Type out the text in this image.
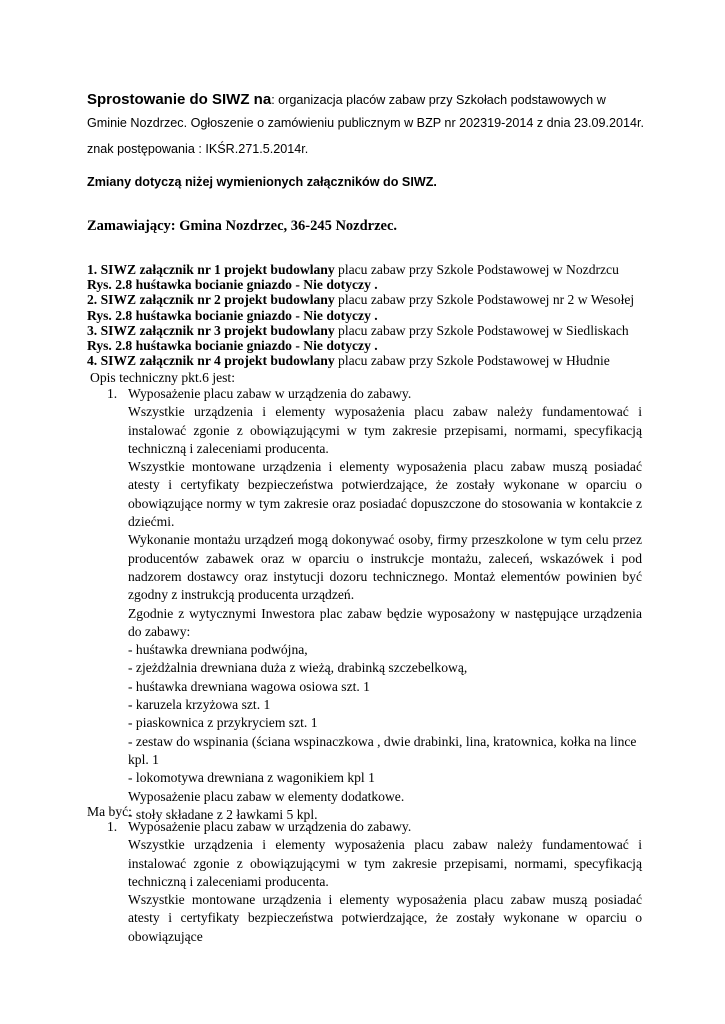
Sprostowanie do SIWZ na: organizacja placów zabaw przy Szkołach podstawowych w Gminie Nozdrzec. Ogłoszenie o zamówieniu publicznym w BZP nr 202319-2014 z dnia 23.09.2014r.
znak postępowania : IKŚR.271.5.2014r.
Zmiany dotyczą niżej wymienionych załączników do SIWZ.
Zamawiający: Gmina Nozdrzec, 36-245 Nozdrzec.
1. SIWZ załącznik nr 1 projekt budowlany placu zabaw przy Szkole Podstawowej w Nozdrzcu
Rys. 2.8 huśtawka bocianie gniazdo - Nie dotyczy .
2. SIWZ załącznik nr 2 projekt budowlany placu zabaw przy Szkole Podstawowej nr 2 w Wesołej
Rys. 2.8 huśtawka bocianie gniazdo - Nie dotyczy .
3. SIWZ załącznik nr 3 projekt budowlany placu zabaw przy Szkole Podstawowej w Siedliskach
Rys. 2.8 huśtawka bocianie gniazdo - Nie dotyczy .
4. SIWZ załącznik nr 4 projekt budowlany placu zabaw przy Szkole Podstawowej w Hłudnie
Opis techniczny pkt.6 jest:
1. Wyposażenie placu zabaw w urządzenia do zabawy.
Wszystkie urządzenia i elementy wyposażenia placu zabaw należy fundamentować i instalować zgonie z obowiązującymi w tym zakresie przepisami, normami, specyfikacją techniczną i zaleceniami producenta.
Wszystkie montowane urządzenia i elementy wyposażenia placu zabaw muszą posiadać atesty i certyfikaty bezpieczeństwa potwierdzające, że zostały wykonane w oparciu o obowiązujące normy w tym zakresie oraz posiadać dopuszczone do stosowania w kontakcie z dziećmi.
Wykonanie montażu urządzeń mogą dokonywać osoby, firmy przeszkolone w tym celu przez producentów zabawek oraz w oparciu o instrukcje montażu, zaleceń, wskazówek i pod nadzorem dostawcy oraz instytucji dozoru technicznego. Montaż elementów powinien być zgodny z instrukcją producenta urządzeń.
Zgodnie z wytycznymi Inwestora plac zabaw będzie wyposażony w następujące urządzenia do zabawy:
- huśtawka drewniana podwójna,
- zjeżdżalnia drewniana duża z wieżą, drabinką szczebelkową,
- huśtawka drewniana wagowa osiowa szt. 1
- karuzela krzyżowa szt. 1
- piaskownica z przykryciem szt. 1
- zestaw do wspinania (ściana wspinaczkowa , dwie drabinki, lina, kratownica, kołka na lince kpl. 1
- lokomotywa drewniana z wagonikiem kpl 1
Wyposażenie placu zabaw w elementy dodatkowe.
- stoły składane z 2 ławkami 5 kpl.
Ma być:
1. Wyposażenie placu zabaw w urządzenia do zabawy.
Wszystkie urządzenia i elementy wyposażenia placu zabaw należy fundamentować i instalować zgonie z obowiązującymi w tym zakresie przepisami, normami, specyfikacją techniczną i zaleceniami producenta.
Wszystkie montowane urządzenia i elementy wyposażenia placu zabaw muszą posiadać atesty i certyfikaty bezpieczeństwa potwierdzające, że zostały wykonane w oparciu o obowiązujące
